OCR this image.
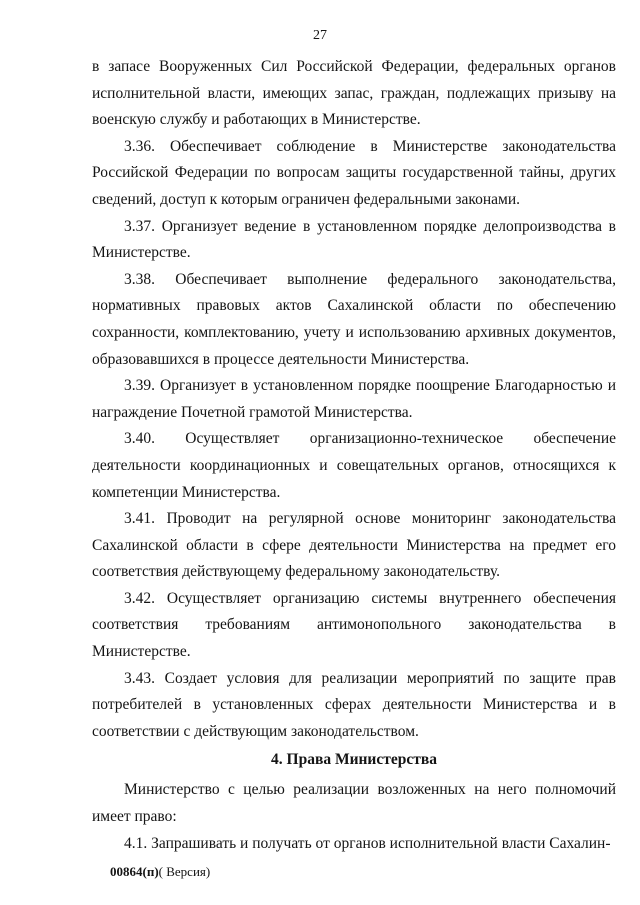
27

в запасе Вооруженных Сил Российской Федерации, федеральных органов исполнительной власти, имеющих запас, граждан, подлежащих призыву на военскую службу и работающих в Министерстве.

3.36. Обеспечивает соблюдение в Министерстве законодательства Российской Федерации по вопросам защиты государственной тайны, других сведений, доступ к которым ограничен федеральными законами.

3.37. Организует ведение в установленном порядке делопроизводства в Министерстве.

3.38. Обеспечивает выполнение федерального законодательства, нормативных правовых актов Сахалинской области по обеспечению сохранности, комплектованию, учету и использованию архивных документов, образовавшихся в процессе деятельности Министерства.

3.39. Организует в установленном порядке поощрение Благодарностью и награждение Почетной грамотой Министерства.

3.40. Осуществляет организационно-техническое обеспечение деятельности координационных и совещательных органов, относящихся к компетенции Министерства.

3.41. Проводит на регулярной основе мониторинг законодательства Сахалинской области в сфере деятельности Министерства на предмет его соответствия действующему федеральному законодательству.

3.42. Осуществляет организацию системы внутреннего обеспечения соответствия требованиям антимонопольного законодательства в Министерстве.

3.43. Создает условия для реализации мероприятий по защите прав потребителей в установленных сферах деятельности Министерства и в соответствии с действующим законодательством.

4. Права Министерства

Министерство с целью реализации возложенных на него полномочий имеет право:

4.1. Запрашивать и получать от органов исполнительной власти Сахалин-

00864(п)( Версия)
